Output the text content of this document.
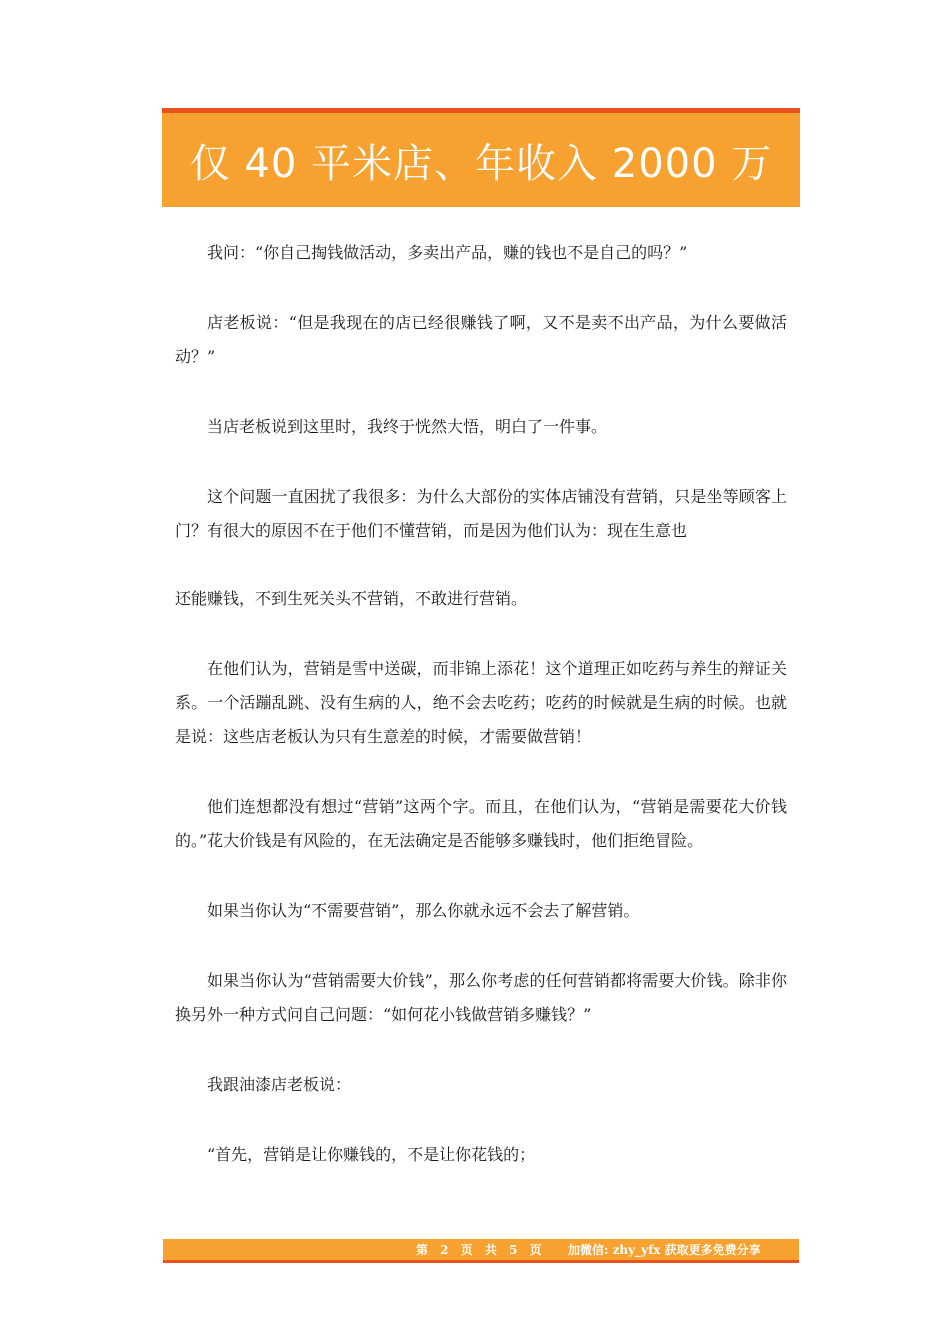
仅 40 平米店、年收入 2000 万

我问：“你自己掏钱做活动，多卖出产品，赚的钱也不是自己的吗？”

店老板说：“但是我现在的店已经很赚钱了啊，又不是卖不出产品，为什么要做活动？”

当店老板说到这里时，我终于恍然大悟，明白了一件事。

这个问题一直困扰了我很多：为什么大部份的实体店铺没有营销，只是坐等顾客上门？有很大的原因不在于他们不懂营销，而是因为他们认为：现在生意也

还能赚钱，不到生死关头不营销，不敢进行营销。

在他们认为，营销是雪中送碳，而非锦上添花！这个道理正如吃药与养生的辩证关系。一个活蹦乱跳、没有生病的人，绝不会去吃药；吃药的时候就是生病的时候。也就是说：这些店老板认为只有生意差的时候，才需要做营销！

他们连想都没有想过“营销”这两个字。而且，在他们认为，“营销是需要花大价钱的。”花大价钱是有风险的，在无法确定是否能够多赚钱时，他们拒绝冒险。

如果当你认为“不需要营销”，那么你就永远不会去了解营销。

如果当你认为“营销需要大价钱”，那么你考虑的任何营销都将需要大价钱。除非你换另外一种方式问自己问题：“如何花小钱做营销多赚钱？”

我跟油漆店老板说：

“首先，营销是让你赚钱的，不是让你花钱的；

第 2 页 共 5 页 加微信: zhy_yfx 获取更多免费分享
